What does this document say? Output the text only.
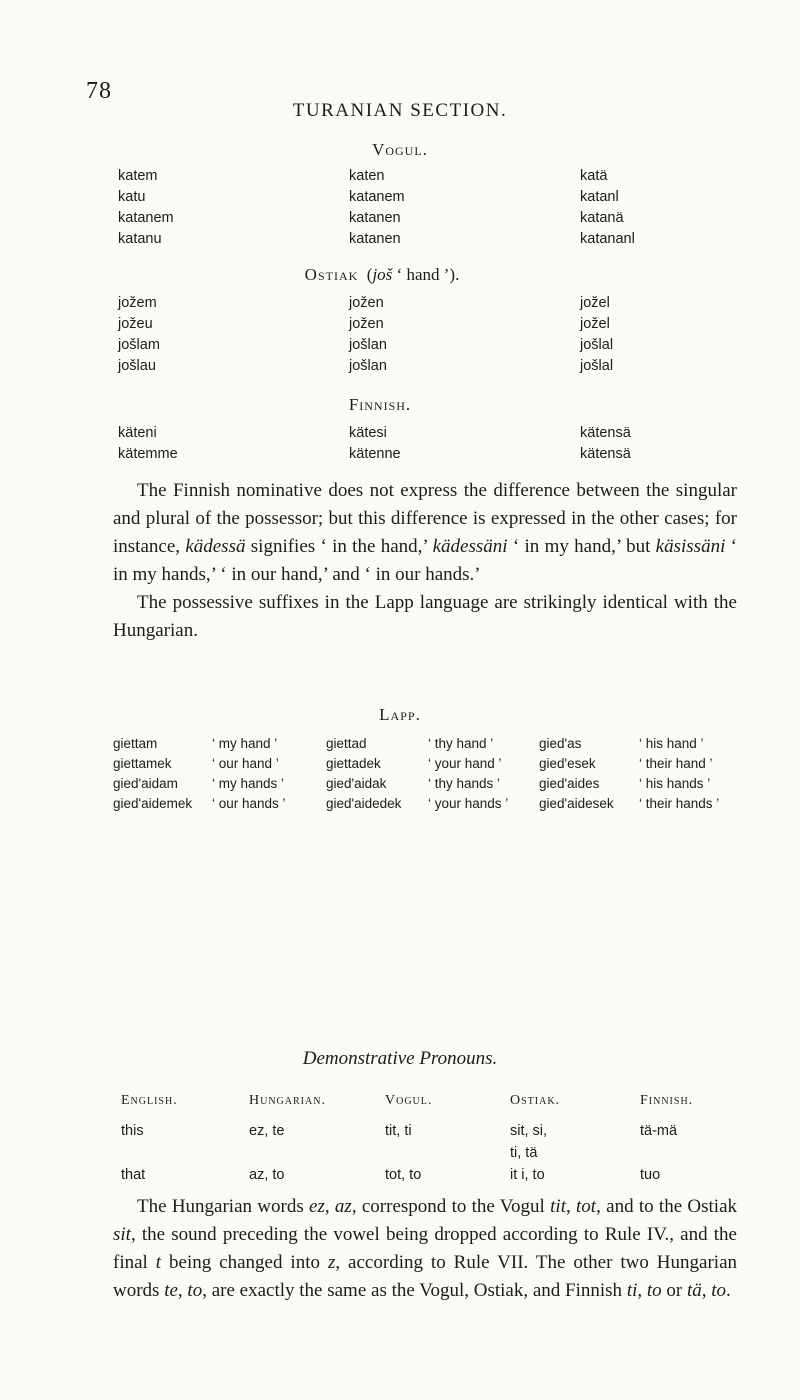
78
TURANIAN SECTION.
Vogul.
katem	katen	katä
katu	katanem	katanl
katanem	katanen	katanä
katanu	katanen	katananl
Ostiak  (još ‘ hand ’).
jožem	jožen	jožel
jožeu	jožen	jožel
jošlam	jošlan	jošlal
jošlau	jošlan	jošlal
Finnish.
käteni	kätesi	kätensä
kätemme	kätenne	kätensä

The Finnish nominative does not express the difference between the singular and plural of the possessor; but this difference is expressed in the other cases; for instance, kädessä signifies ‘ in the hand,’ kädessäni ‘ in my hand,’ but käsissäni ‘ in my hands,’ ‘ in our hand,’ and ‘ in our hands.’

The possessive suffixes in the Lapp language are strikingly identical with the Hungarian.

Lapp.
giettam	‘ my hand ’	giettad	‘ thy hand ’	gied'as	‘ his hand ’
giettamek	‘ our hand ’	giettadek	‘ your hand ’	gied'esek	‘ their hand ’
gied'aidam	‘ my hands ’	gied'aidak	‘ thy hands ’	gied'aides	‘ his hands ’
gied'aidemek	‘ our hands ’	gied'aidedek	‘ your hands ’	gied'aidesek	‘ their hands ’
Demonstrative Pronouns.
English.	Hungarian.	Vogul.	Ostiak.	Finnish.
this	ez, te	tit, ti	sit, si,	tä-mä
ti, tä
that	az, to	tot, to	it i, to	tuo

The Hungarian words ez, az, correspond to the Vogul tit, tot, and to the Ostiak sit, the sound preceding the vowel being dropped according to Rule IV., and the final t being changed into z, according to Rule VII. The other two Hungarian words te, to, are exactly the same as the Vogul, Ostiak, and Finnish ti, to or tä, to.
